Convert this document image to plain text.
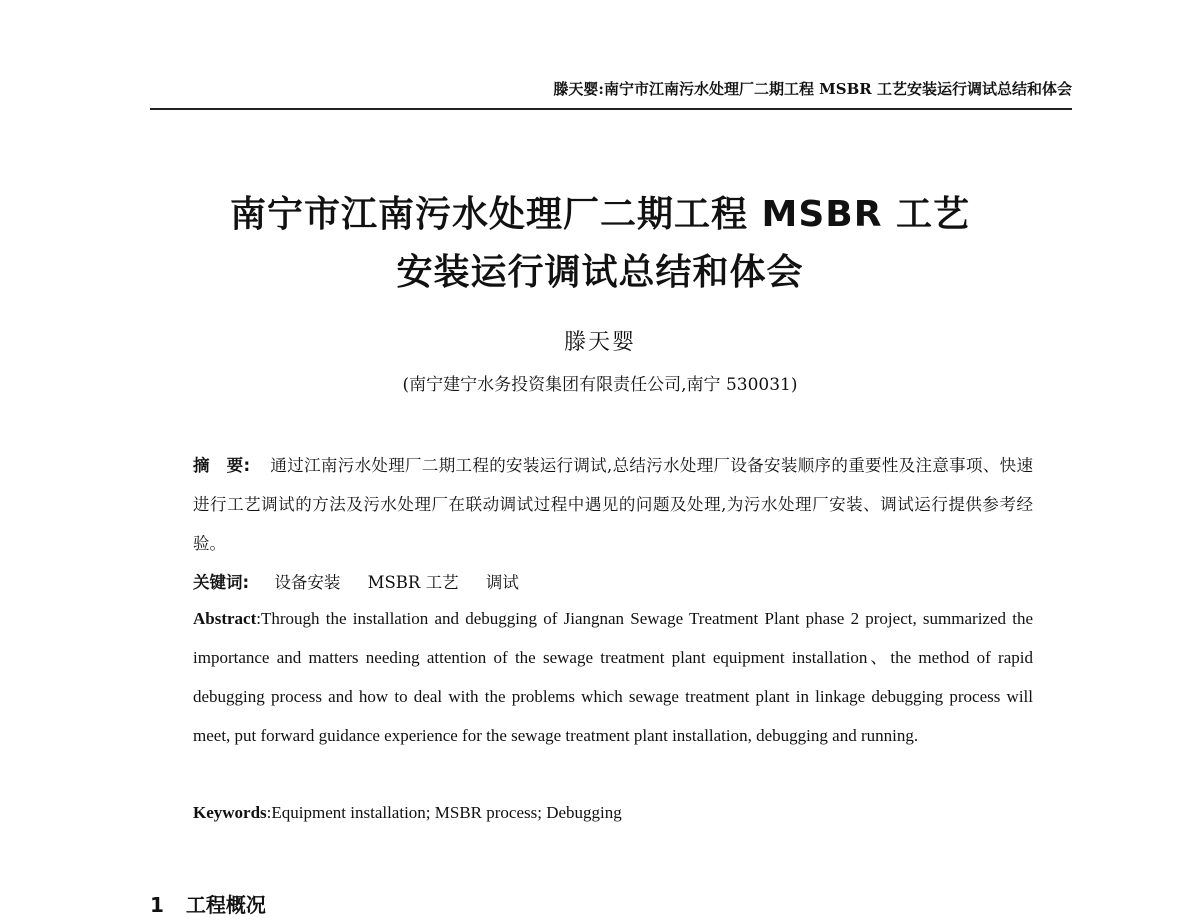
滕天婴:南宁市江南污水处理厂二期工程 MSBR 工艺安装运行调试总结和体会
南宁市江南污水处理厂二期工程 MSBR 工艺
安装运行调试总结和体会
滕天婴
(南宁建宁水务投资集团有限责任公司,南宁 530031)
摘　要: 通过江南污水处理厂二期工程的安装运行调试,总结污水处理厂设备安装顺序的重要性及注意事项、快速进行工艺调试的方法及污水处理厂在联动调试过程中遇见的问题及处理,为污水处理厂安装、调试运行提供参考经验。
关键词: 设备安装 MSBR 工艺 调试
Abstract:Through the installation and debugging of Jiangnan Sewage Treatment Plant phase 2 project, summarized the importance and matters needing attention of the sewage treatment plant equipment installation、the method of rapid debugging process and how to deal with the problems which sewage treatment plant in linkage debugging process will meet, put forward guidance experience for the sewage treatment plant installation, debugging and running.
Keywords:Equipment installation; MSBR process; Debugging
1 工程概况
